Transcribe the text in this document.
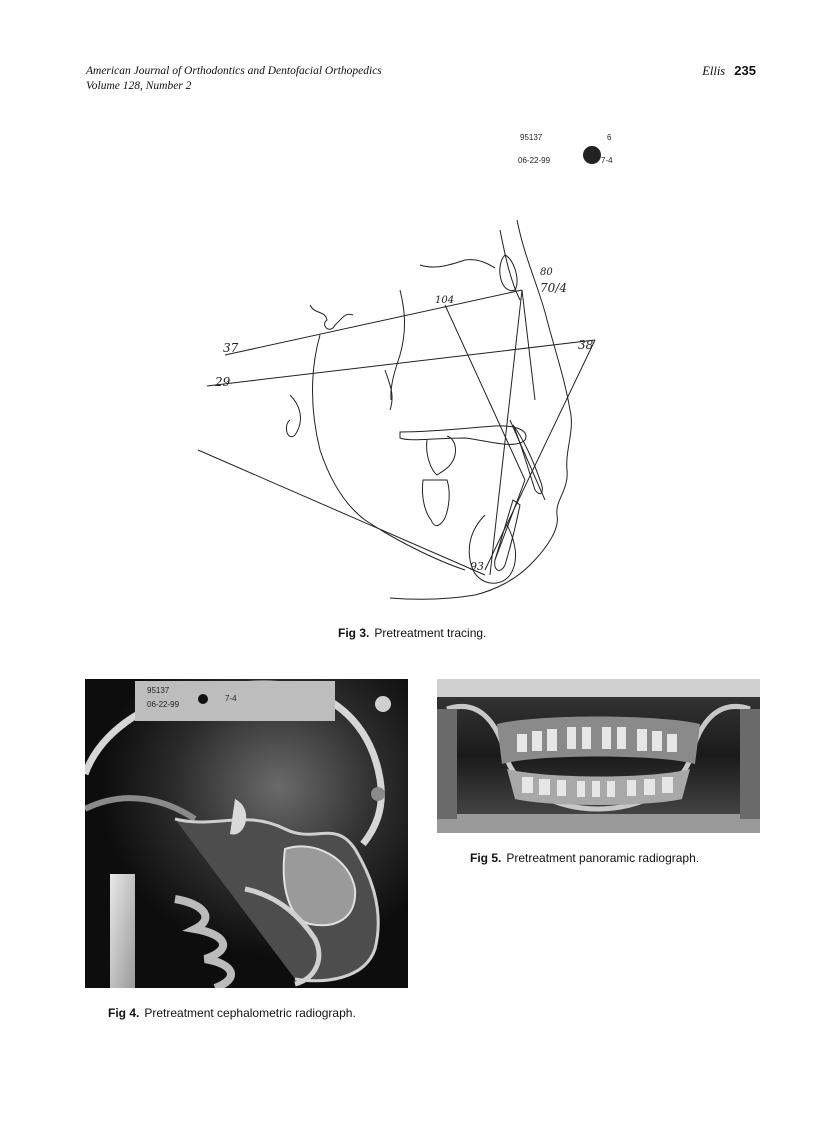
American Journal of Orthodontics and Dentofacial Orthopedics
Volume 128, Number 2
Ellis 235
95137
06-22-99
6
7-4
37
29
104
80
70/4
38
93
Fig 3. Pretreatment tracing.
95137
06-22-99
7-4
Fig 4. Pretreatment cephalometric radiograph.
Fig 5. Pretreatment panoramic radiograph.
